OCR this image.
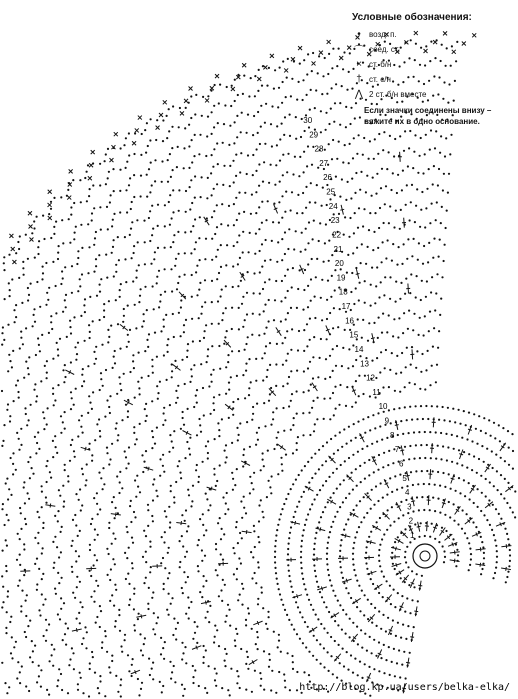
1
2
3
4
5
6
7
8
9
10
11
12
13
14
15
16
17
18
19
20
21
22
23
24
25
26
27
28
29
30
Условные обозначения:
•	возд. п.
⌒ соед. ст.
× ст. б/н
† ст. с/н
⋀ 2 ст. б/н вместе
Если значки соединены внизу – вяжите их в одно основание.
http://blog.kp.ua/users/belka-elka/
